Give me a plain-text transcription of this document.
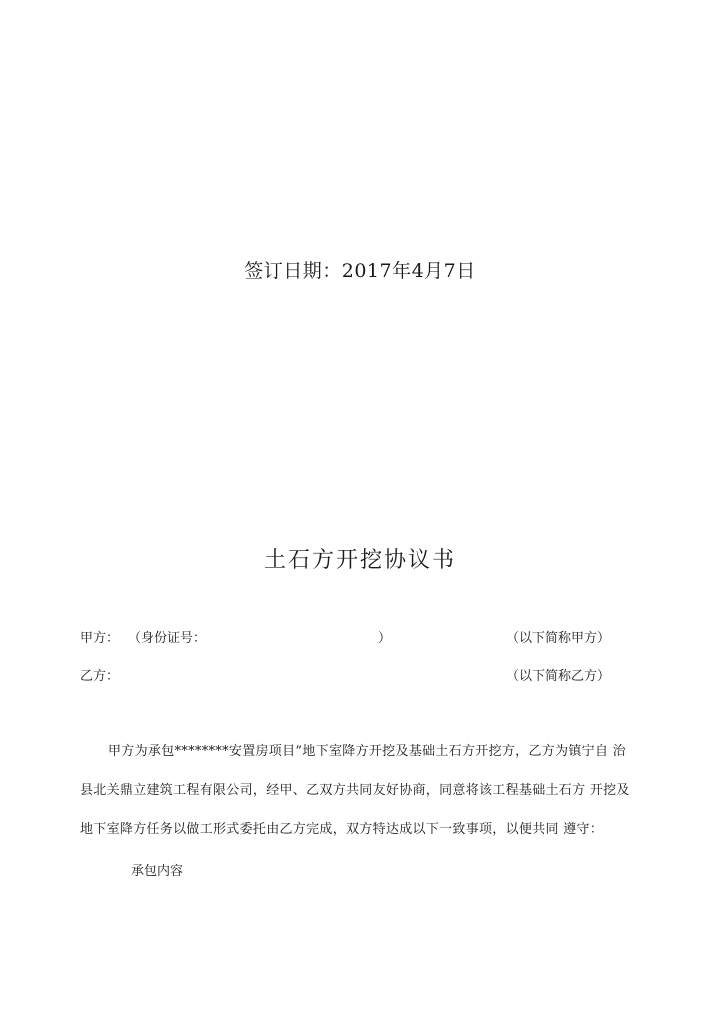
签订日期：2017年4月7日
土石方开挖协议书
甲方： （身份证号：	）	（以下简称甲方）
乙方：	（以下简称乙方）
甲方为承包********安置房项目”地下室降方开挖及基础土石方开挖方，乙方为镇宁自 治
县北关鼎立建筑工程有限公司，经甲、乙双方共同友好协商，同意将该工程基础土石方 开挖及
地下室降方任务以做工形式委托由乙方完成，双方特达成以下一致事项，以便共同 遵守：
承包内容
